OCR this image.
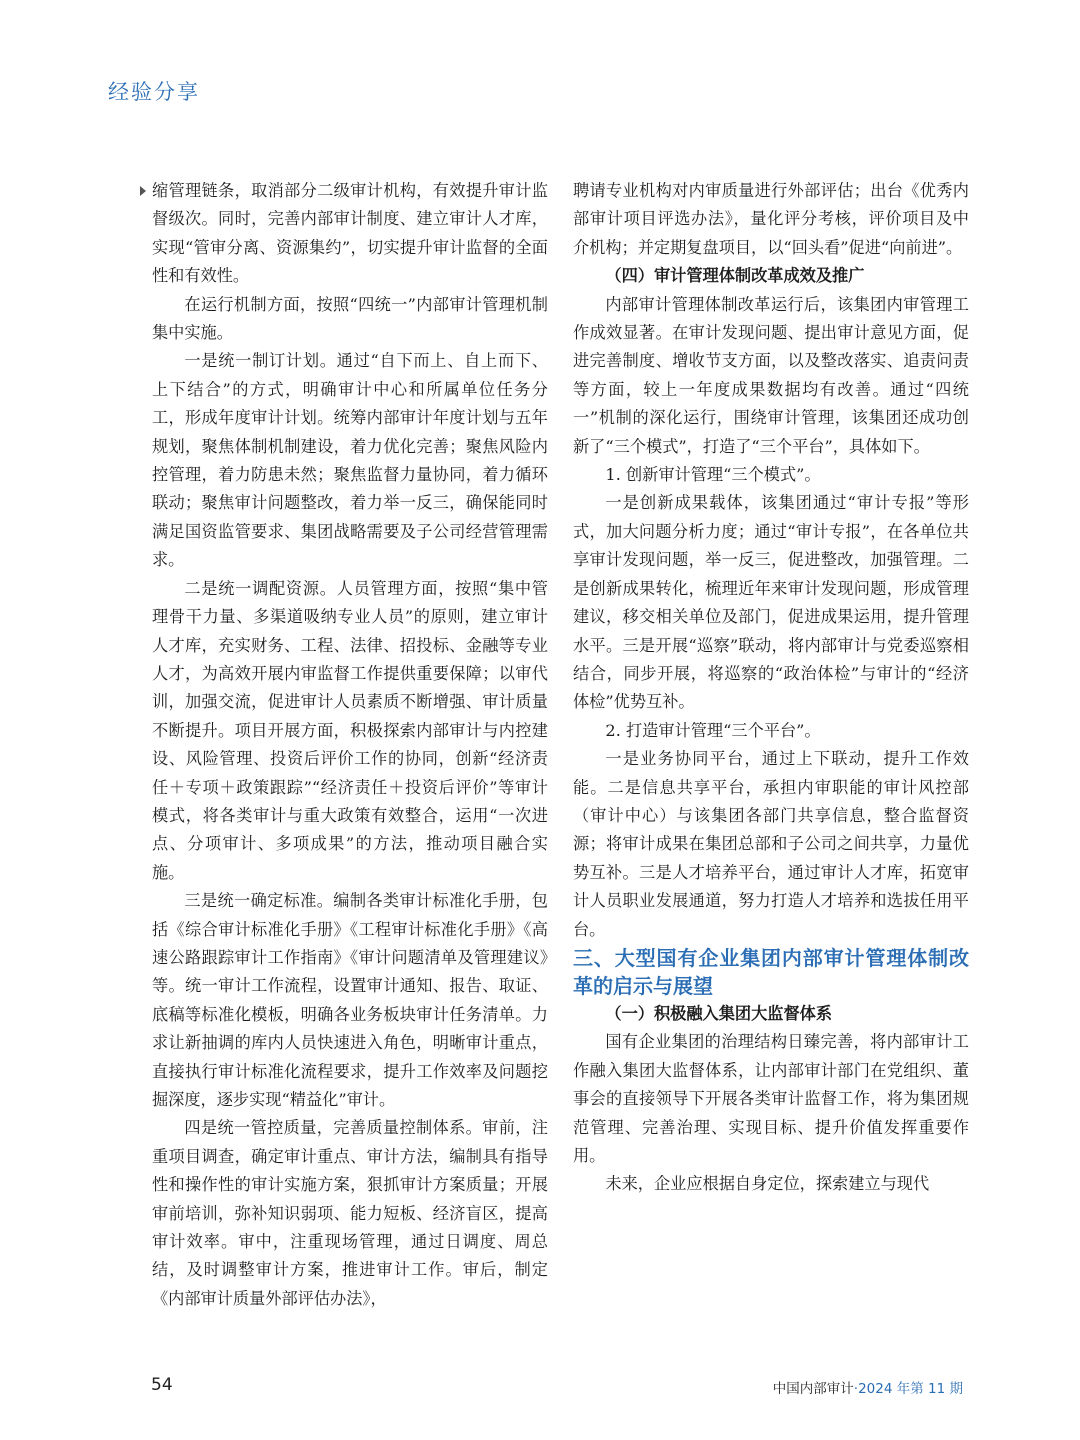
经验分享

缩管理链条，取消部分二级审计机构，有效提升审计监督级次。同时，完善内部审计制度、建立审计人才库，实现“管审分离、资源集约”，切实提升审计监督的全面性和有效性。

在运行机制方面，按照“四统一”内部审计管理机制集中实施。

一是统一制订计划。通过“自下而上、自上而下、上下结合”的方式，明确审计中心和所属单位任务分工，形成年度审计计划。统筹内部审计年度计划与五年规划，聚焦体制机制建设，着力优化完善；聚焦风险内控管理，着力防患未然；聚焦监督力量协同，着力循环联动；聚焦审计问题整改，着力举一反三，确保能同时满足国资监管要求、集团战略需要及子公司经营管理需求。

二是统一调配资源。人员管理方面，按照“集中管理骨干力量、多渠道吸纳专业人员”的原则，建立审计人才库，充实财务、工程、法律、招投标、金融等专业人才，为高效开展内审监督工作提供重要保障；以审代训，加强交流，促进审计人员素质不断增强、审计质量不断提升。项目开展方面，积极探索内部审计与内控建设、风险管理、投资后评价工作的协同，创新“经济责任＋专项＋政策跟踪”“经济责任＋投资后评价”等审计模式，将各类审计与重大政策有效整合，运用“一次进点、分项审计、多项成果”的方法，推动项目融合实施。

三是统一确定标准。编制各类审计标准化手册，包括《综合审计标准化手册》《工程审计标准化手册》《高速公路跟踪审计工作指南》《审计问题清单及管理建议》等。统一审计工作流程，设置审计通知、报告、取证、底稿等标准化模板，明确各业务板块审计任务清单。力求让新抽调的库内人员快速进入角色，明晰审计重点，直接执行审计标准化流程要求，提升工作效率及问题挖掘深度，逐步实现“精益化”审计。

四是统一管控质量，完善质量控制体系。审前，注重项目调查，确定审计重点、审计方法，编制具有指导性和操作性的审计实施方案，狠抓审计方案质量；开展审前培训，弥补知识弱项、能力短板、经济盲区，提高审计效率。审中，注重现场管理，通过日调度、周总结，及时调整审计方案，推进审计工作。审后，制定《内部审计质量外部评估办法》，

聘请专业机构对内审质量进行外部评估；出台《优秀内部审计项目评选办法》，量化评分考核，评价项目及中介机构；并定期复盘项目，以“回头看”促进“向前进”。

（四）审计管理体制改革成效及推广

内部审计管理体制改革运行后，该集团内审管理工作成效显著。在审计发现问题、提出审计意见方面，促进完善制度、增收节支方面，以及整改落实、追责问责等方面，较上一年度成果数据均有改善。通过“四统一”机制的深化运行，围绕审计管理，该集团还成功创新了“三个模式”，打造了“三个平台”，具体如下。

1. 创新审计管理“三个模式”。

一是创新成果载体，该集团通过“审计专报”等形式，加大问题分析力度；通过“审计专报”，在各单位共享审计发现问题，举一反三，促进整改，加强管理。二是创新成果转化，梳理近年来审计发现问题，形成管理建议，移交相关单位及部门，促进成果运用，提升管理水平。三是开展“巡察”联动，将内部审计与党委巡察相结合，同步开展，将巡察的“政治体检”与审计的“经济体检”优势互补。

2. 打造审计管理“三个平台”。

一是业务协同平台，通过上下联动，提升工作效能。二是信息共享平台，承担内审职能的审计风控部（审计中心）与该集团各部门共享信息，整合监督资源；将审计成果在集团总部和子公司之间共享，力量优势互补。三是人才培养平台，通过审计人才库，拓宽审计人员职业发展通道，努力打造人才培养和选拔任用平台。

三、大型国有企业集团内部审计管理体制改革的启示与展望

（一）积极融入集团大监督体系

国有企业集团的治理结构日臻完善，将内部审计工作融入集团大监督体系，让内部审计部门在党组织、董事会的直接领导下开展各类审计监督工作，将为集团规范管理、完善治理、实现目标、提升价值发挥重要作用。

未来，企业应根据自身定位，探索建立与现代

54	中国内部审计·2024 年第 11 期
